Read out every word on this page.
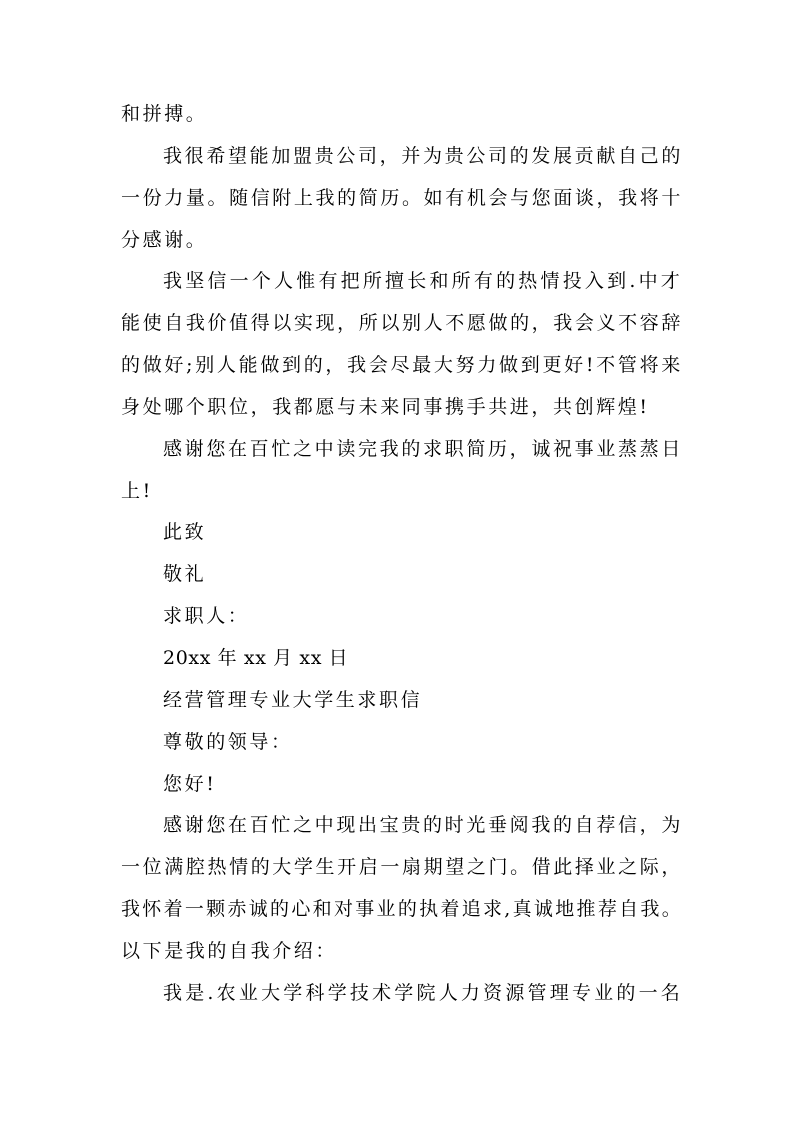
和拼搏。
我很希望能加盟贵公司，并为贵公司的发展贡献自己的
一份力量。随信附上我的简历。如有机会与您面谈，我将十
分感谢。
我坚信一个人惟有把所擅长和所有的热情投入到.中才
能使自我价值得以实现，所以别人不愿做的，我会义不容辞
的做好;别人能做到的，我会尽最大努力做到更好!不管将来
身处哪个职位，我都愿与未来同事携手共进，共创辉煌!
感谢您在百忙之中读完我的求职简历，诚祝事业蒸蒸日
上!
此致
敬礼
求职人：
20xx 年 xx 月 xx 日
经营管理专业大学生求职信
尊敬的领导：
您好!
感谢您在百忙之中现出宝贵的时光垂阅我的自荐信，为
一位满腔热情的大学生开启一扇期望之门。借此择业之际，
我怀着一颗赤诚的心和对事业的执着追求,真诚地推荐自我。
以下是我的自我介绍：
我是.农业大学科学技术学院人力资源管理专业的一名
